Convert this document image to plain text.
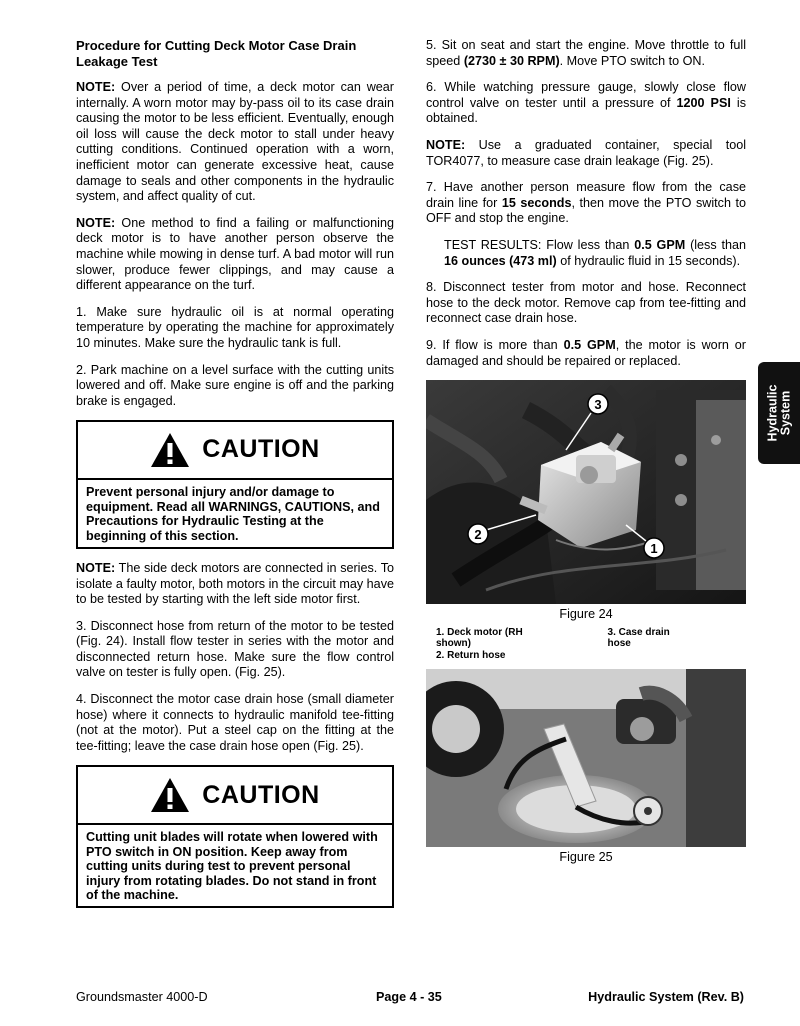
Procedure for Cutting Deck Motor Case Drain Leakage Test

NOTE: Over a period of time, a deck motor can wear internally. A worn motor may by-pass oil to its case drain causing the motor to be less efficient. Eventually, enough oil loss will cause the deck motor to stall under heavy cutting conditions. Continued operation with a worn, inefficient motor can generate excessive heat, cause damage to seals and other components in the hydraulic system, and affect quality of cut.

NOTE: One method to find a failing or malfunctioning deck motor is to have another person observe the machine while mowing in dense turf. A bad motor will run slower, produce fewer clippings, and may cause a different appearance on the turf.

1. Make sure hydraulic oil is at normal operating temperature by operating the machine for approximately 10 minutes. Make sure the hydraulic tank is full.

2. Park machine on a level surface with the cutting units lowered and off. Make sure engine is off and the parking brake is engaged.

CAUTION
Prevent personal injury and/or damage to equipment. Read all WARNINGS, CAUTIONS, and Precautions for Hydraulic Testing at the beginning of this section.

NOTE: The side deck motors are connected in series. To isolate a faulty motor, both motors in the circuit may have to be tested by starting with the left side motor first.

3. Disconnect hose from return of the motor to be tested (Fig. 24). Install flow tester in series with the motor and disconnected return hose. Make sure the flow control valve on tester is fully open. (Fig. 25).

4. Disconnect the motor case drain hose (small diameter hose) where it connects to hydraulic manifold tee-fitting (not at the motor). Put a steel cap on the fitting at the tee-fitting; leave the case drain hose open (Fig. 25).

CAUTION
Cutting unit blades will rotate when lowered with PTO switch in ON position. Keep away from cutting units during test to prevent personal injury from rotating blades. Do not stand in front of the machine.

5. Sit on seat and start the engine. Move throttle to full speed (2730 ± 30 RPM). Move PTO switch to ON.

6. While watching pressure gauge, slowly close flow control valve on tester until a pressure of 1200 PSI is obtained.

NOTE: Use a graduated container, special tool TOR4077, to measure case drain leakage (Fig. 25).

7. Have another person measure flow from the case drain line for 15 seconds, then move the PTO switch to OFF and stop the engine.

TEST RESULTS: Flow less than 0.5 GPM (less than 16 ounces (473 ml) of hydraulic fluid in 15 seconds).

8. Disconnect tester from motor and hose. Reconnect hose to the deck motor. Remove cap from tee-fitting and reconnect case drain hose.

9. If flow is more than 0.5 GPM, the motor is worn or damaged and should be repaired or replaced.

3
2
1
Figure 24
1. Deck motor (RH shown)
2. Return hose
3. Case drain hose
Figure 25
Hydraulic System
Groundsmaster 4000-D	Page 4 - 35	Hydraulic System (Rev. B)
